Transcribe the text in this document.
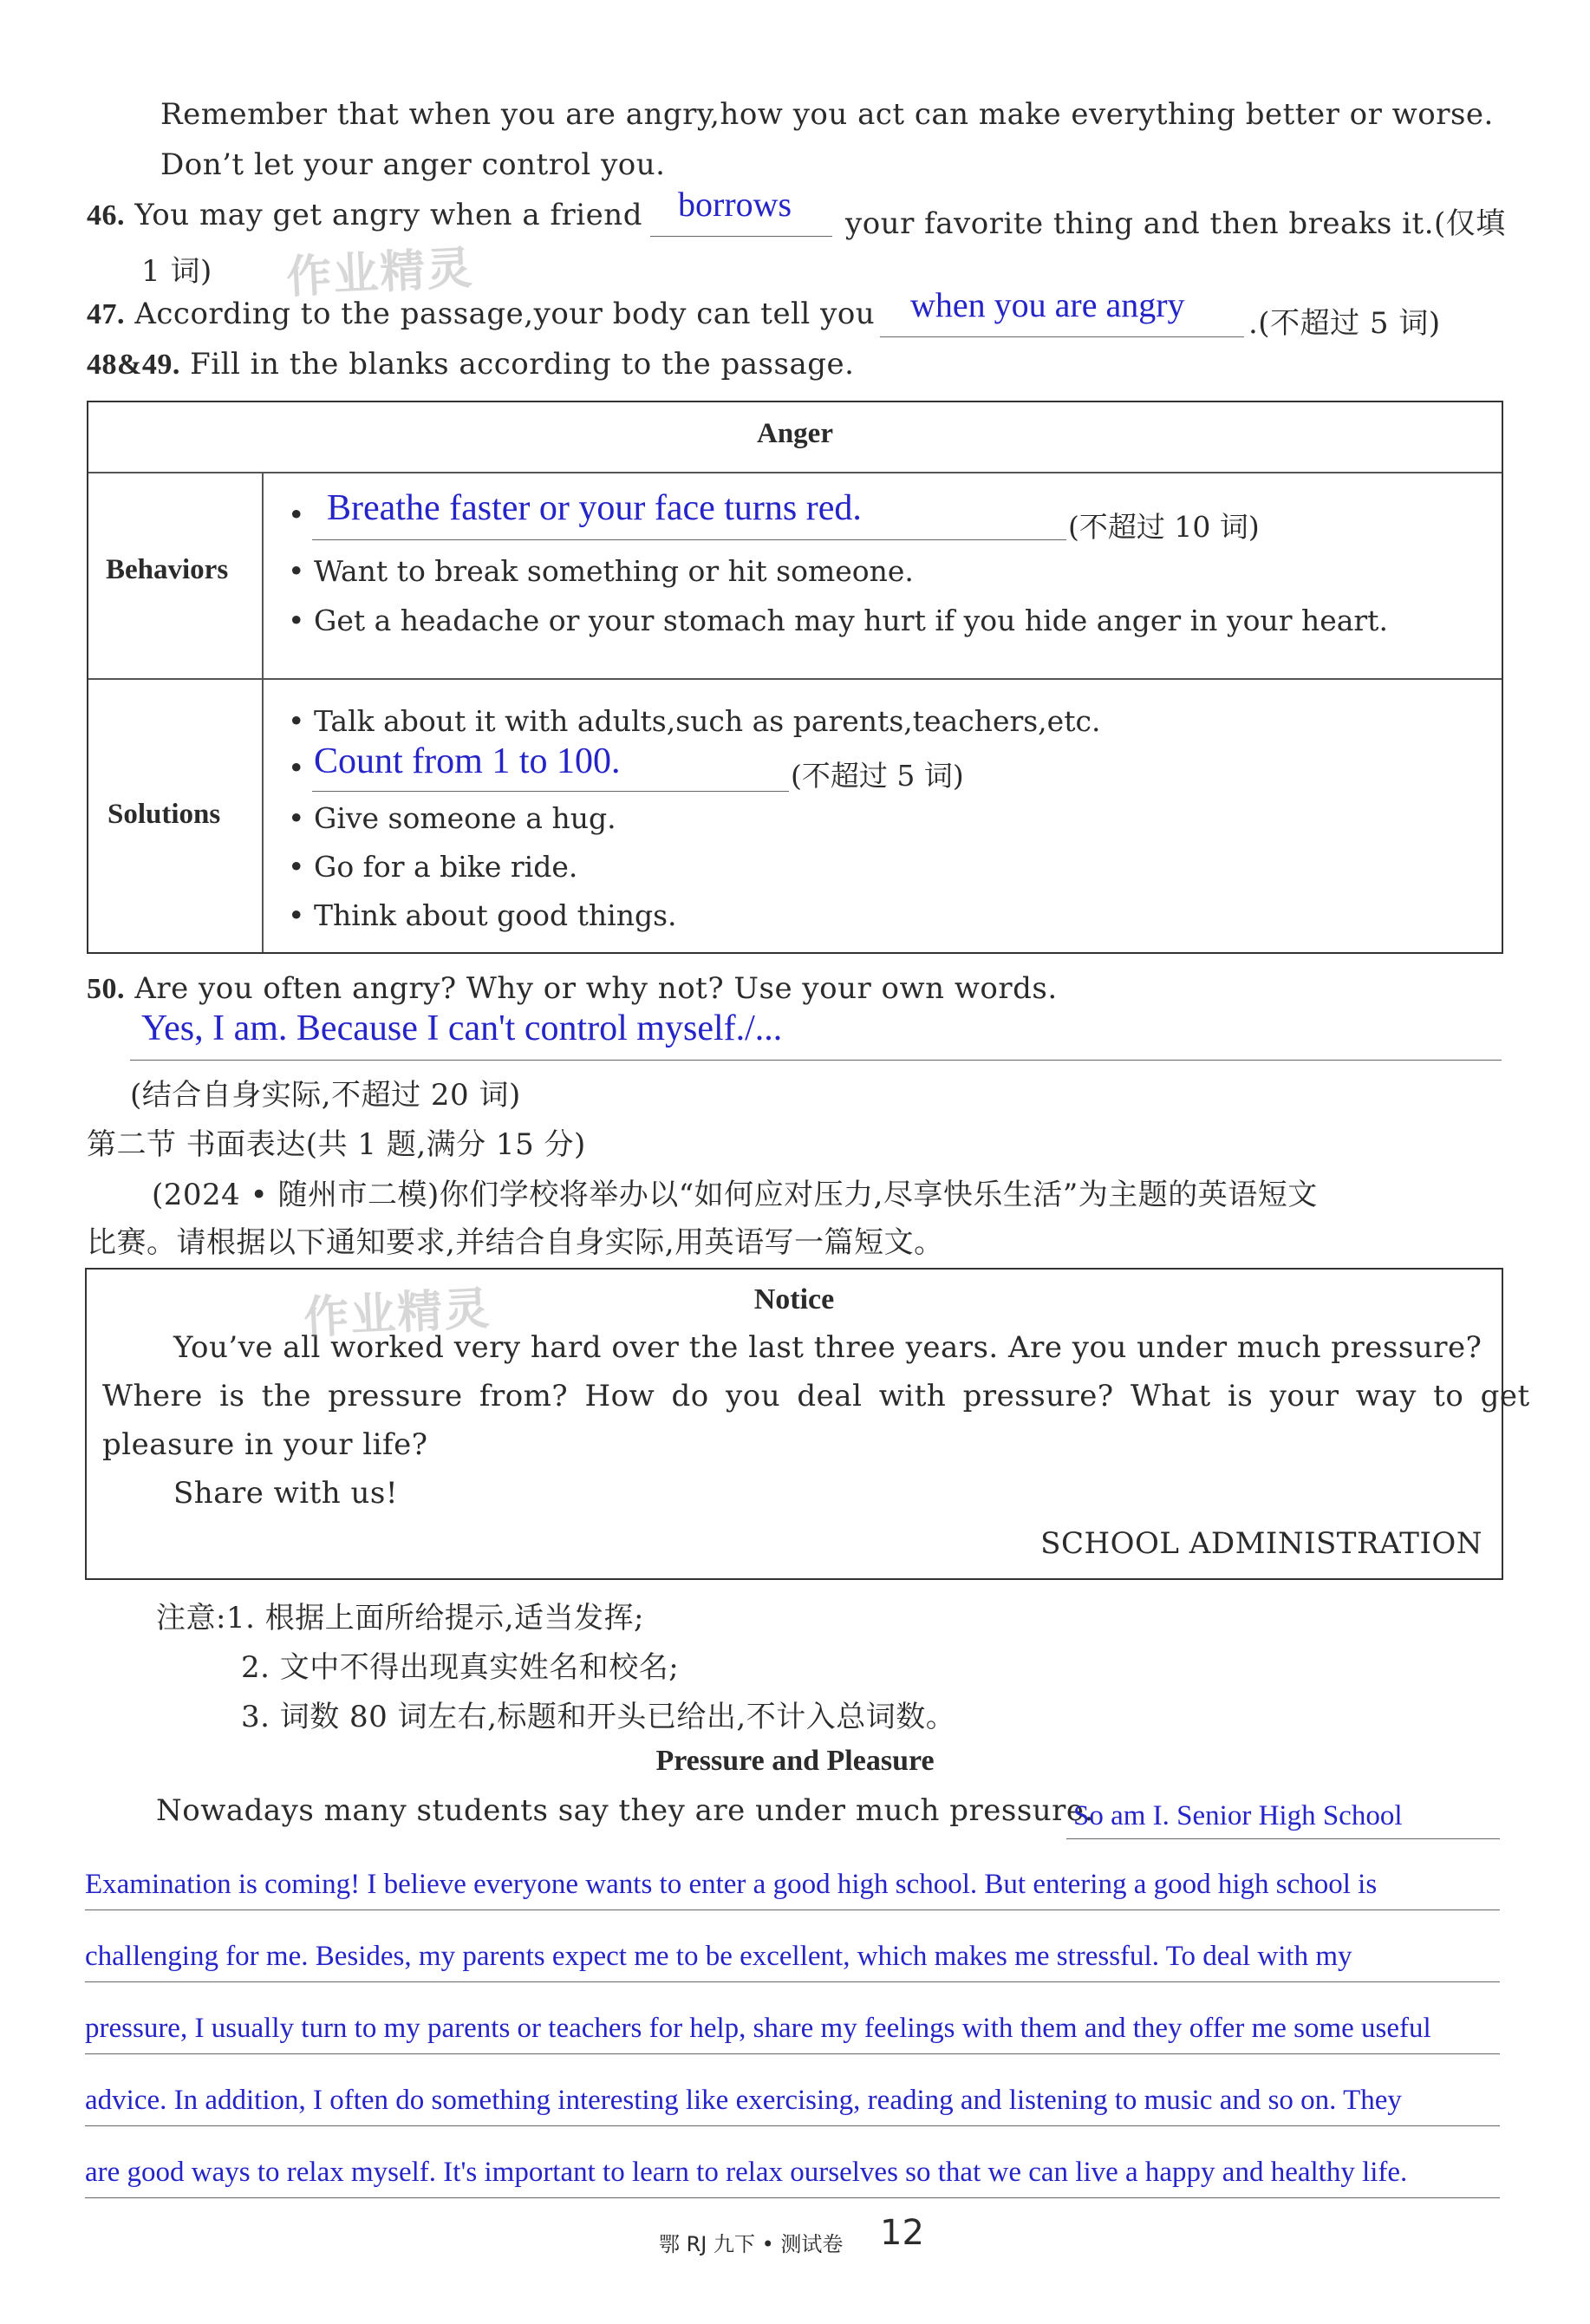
Remember that when you are angry,how you act can make everything better or worse.
Don’t let your anger control you.
46. You may get angry when a friend borrows your favorite thing and then breaks it.(仅填
1 词) 作业精灵
47. According to the passage,your body can tell you when you are angry .(不超过 5 词)
48&49. Fill in the blanks according to the passage.
Anger
Behaviors
• Breathe faster or your face turns red.	(不超过 10 词)
• Want to break something or hit someone.
• Get a headache or your stomach may hurt if you hide anger in your heart.
Solutions
• Talk about it with adults,such as parents,teachers,etc.
• Count from 1 to 100.	(不超过 5 词)
• Give someone a hug.
• Go for a bike ride.
• Think about good things.
50. Are you often angry? Why or why not? Use your own words.
Yes, I am. Because I can't control myself./...
(结合自身实际,不超过 20 词)
第二节 书面表达(共 1 题,满分 15 分)
(2024 • 随州市二模)你们学校将举办以“如何应对压力,尽享快乐生活”为主题的英语短文
比赛。请根据以下通知要求,并结合自身实际,用英语写一篇短文。
Notice
You’ve all worked very hard over the last three years. Are you under much pressure?
Where is the pressure from? How do you deal with pressure? What is your way to get
pleasure in your life?
Share with us!
SCHOOL ADMINISTRATION
作业精灵
注意:1. 根据上面所给提示,适当发挥;
2. 文中不得出现真实姓名和校名;
3. 词数 80 词左右,标题和开头已给出,不计入总词数。
Pressure and Pleasure
Nowadays many students say they are under much pressure.
So am I. Senior High School
Examination is coming! I believe everyone wants to enter a good high school. But entering a good high school is
challenging for me. Besides, my parents expect me to be excellent, which makes me stressful. To deal with my
pressure, I usually turn to my parents or teachers for help, share my feelings with them and they offer me some useful
advice. In addition, I often do something interesting like exercising, reading and listening to music and so on. They
are good ways to relax myself. It's important to learn to relax ourselves so that we can live a happy and healthy life.
鄂 RJ 九下 • 测试卷 12
